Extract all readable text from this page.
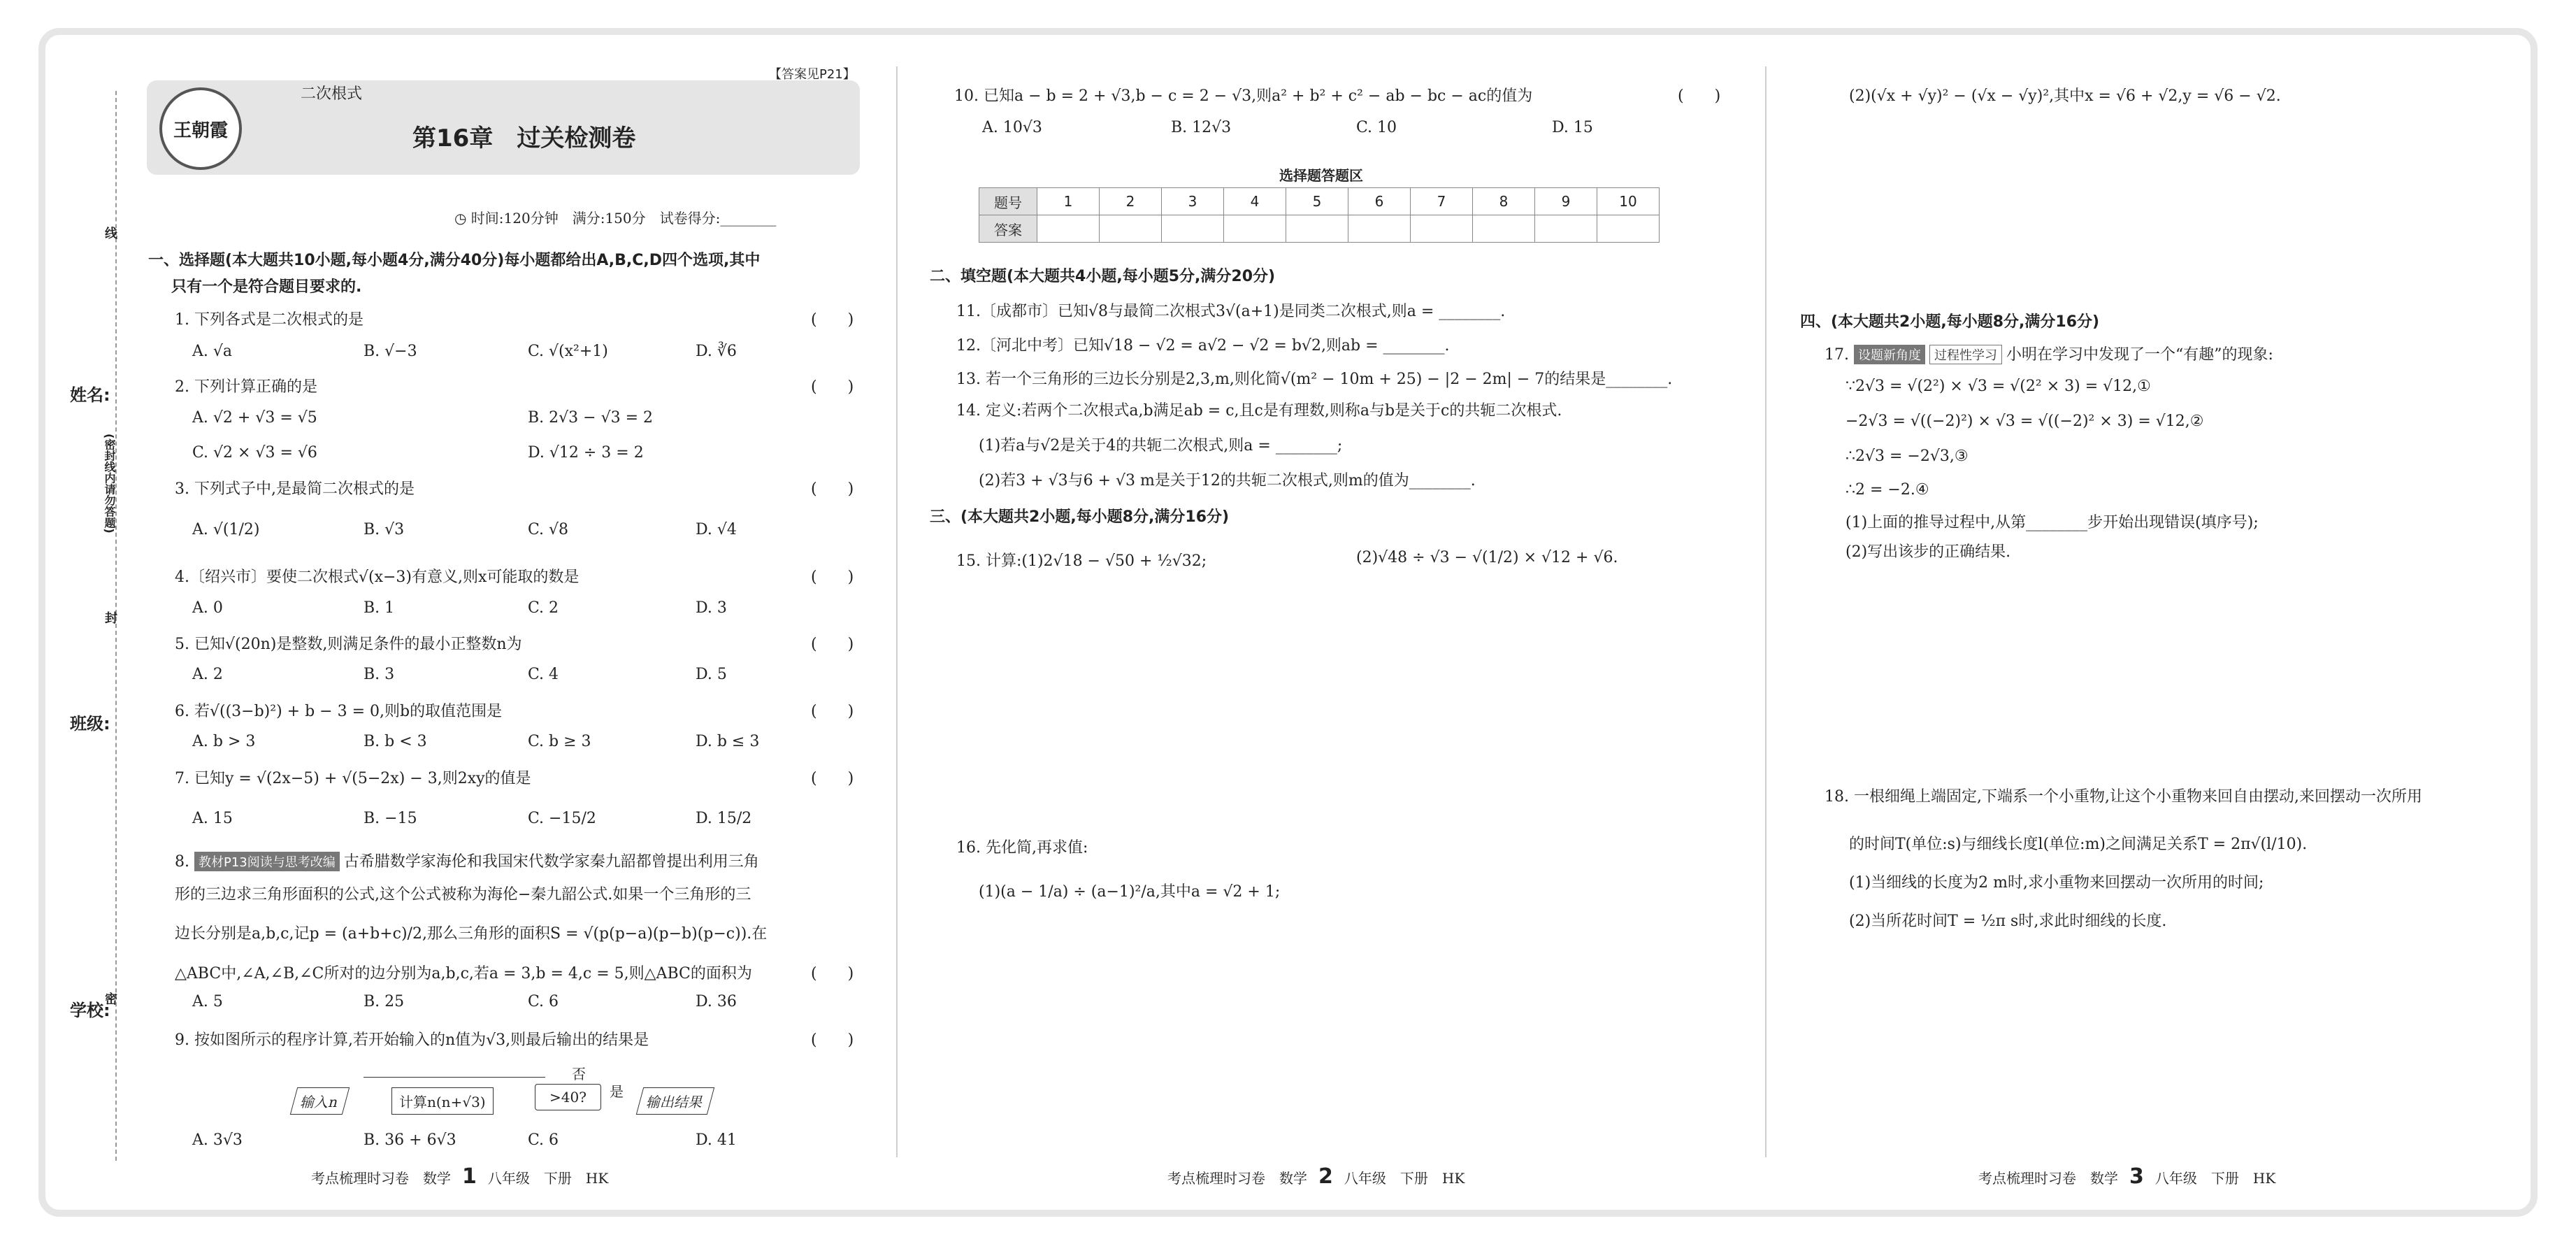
王朝霞
二次根式
【答案见P21】
第16章　过关检测卷
◷ 时间:120分钟　满分:150分　试卷得分:________
姓名:
班级:
学校:
线
(密封线内请勿答题)
封
密
一、选择题(本大题共10小题,每小题4分,满分40分)每小题都给出A,B,C,D四个选项,其中
只有一个是符合题目要求的.
1. 下列各式是二次根式的是	(　　)
A. √a	B. √−3	C. √(x²+1)	D. ∛6
2. 下列计算正确的是	(　　)
A. √2 + √3 = √5	B. 2√3 − √3 = 2
C. √2 × √3 = √6	D. √12 ÷ 3 = 2
3. 下列式子中,是最简二次根式的是	(　　)
A. √(1/2)	B. √3	C. √8	D. √4
4.〔绍兴市〕要使二次根式√(x−3)有意义,则x可能取的数是	(　　)
A. 0	B. 1	C. 2	D. 3
5. 已知√(20n)是整数,则满足条件的最小正整数n为	(　　)
A. 2	B. 3	C. 4	D. 5
6. 若√((3−b)²) + b − 3 = 0,则b的取值范围是	(　　)
A. b > 3	B. b < 3	C. b ≥ 3	D. b ≤ 3
7. 已知y = √(2x−5) + √(5−2x) − 3,则2xy的值是	(　　)
A. 15	B. −15	C. −15/2	D. 15/2
8. 教材P13阅读与思考改编 古希腊数学家海伦和我国宋代数学家秦九韶都曾提出利用三角
形的三边求三角形面积的公式,这个公式被称为海伦−秦九韶公式.如果一个三角形的三
边长分别是a,b,c,记p = (a+b+c)/2,那么三角形的面积S = √(p(p−a)(p−b)(p−c)).在
△ABC中,∠A,∠B,∠C所对的边分别为a,b,c,若a = 3,b = 4,c = 5,则△ABC的面积为	(　　)
A. 5	B. 25	C. 6	D. 36
9. 按如图所示的程序计算,若开始输入的n值为√3,则最后输出的结果是	(　　)
输入n	计算n(n+√3)	>40?
否
是
输出结果
A. 3√3	B. 36 + 6√3	C. 6	D. 41
10. 已知a − b = 2 + √3,b − c = 2 − √3,则a² + b² + c² − ab − bc − ac的值为	(　　)
A. 10√3	B. 12√3	C. 10	D. 15
选择题答题区
题号	1	2	3	4	5	6	7	8	9	10
答案										
二、填空题(本大题共4小题,每小题5分,满分20分)
11.〔成都市〕已知√8与最简二次根式3√(a+1)是同类二次根式,则a = ________.
12.〔河北中考〕已知√18 − √2 = a√2 − √2 = b√2,则ab = ________.
13. 若一个三角形的三边长分别是2,3,m,则化简√(m² − 10m + 25) − |2 − 2m| − 7的结果是________.
14. 定义:若两个二次根式a,b满足ab = c,且c是有理数,则称a与b是关于c的共轭二次根式.
(1)若a与√2是关于4的共轭二次根式,则a = ________;
(2)若3 + √3与6 + √3 m是关于12的共轭二次根式,则m的值为________.
三、(本大题共2小题,每小题8分,满分16分)
15. 计算:(1)2√18 − √50 + ½√32;	(2)√48 ÷ √3 − √(1/2) × √12 + √6.
16. 先化简,再求值:
(1)(a − 1/a) ÷ (a−1)²/a,其中a = √2 + 1;
(2)(√x + √y)² − (√x − √y)²,其中x = √6 + √2,y = √6 − √2.
四、(本大题共2小题,每小题8分,满分16分)
17. 设题新角度 过程性学习 小明在学习中发现了一个“有趣”的现象:
∵2√3 = √(2²) × √3 = √(2² × 3) = √12,①
−2√3 = √((−2)²) × √3 = √((−2)² × 3) = √12,②
∴2√3 = −2√3,③
∴2 = −2.④
(1)上面的推导过程中,从第________步开始出现错误(填序号);
(2)写出该步的正确结果.
18. 一根细绳上端固定,下端系一个小重物,让这个小重物来回自由摆动,来回摆动一次所用
的时间T(单位:s)与细线长度l(单位:m)之间满足关系T = 2π√(l/10).
(1)当细线的长度为2 m时,求小重物来回摆动一次所用的时间;
(2)当所花时间T = ½π s时,求此时细线的长度.
考点梳理时习卷　数学 1 八年级　下册　HK	考点梳理时习卷　数学 2 八年级　下册　HK	考点梳理时习卷　数学 3 八年级　下册　HK
